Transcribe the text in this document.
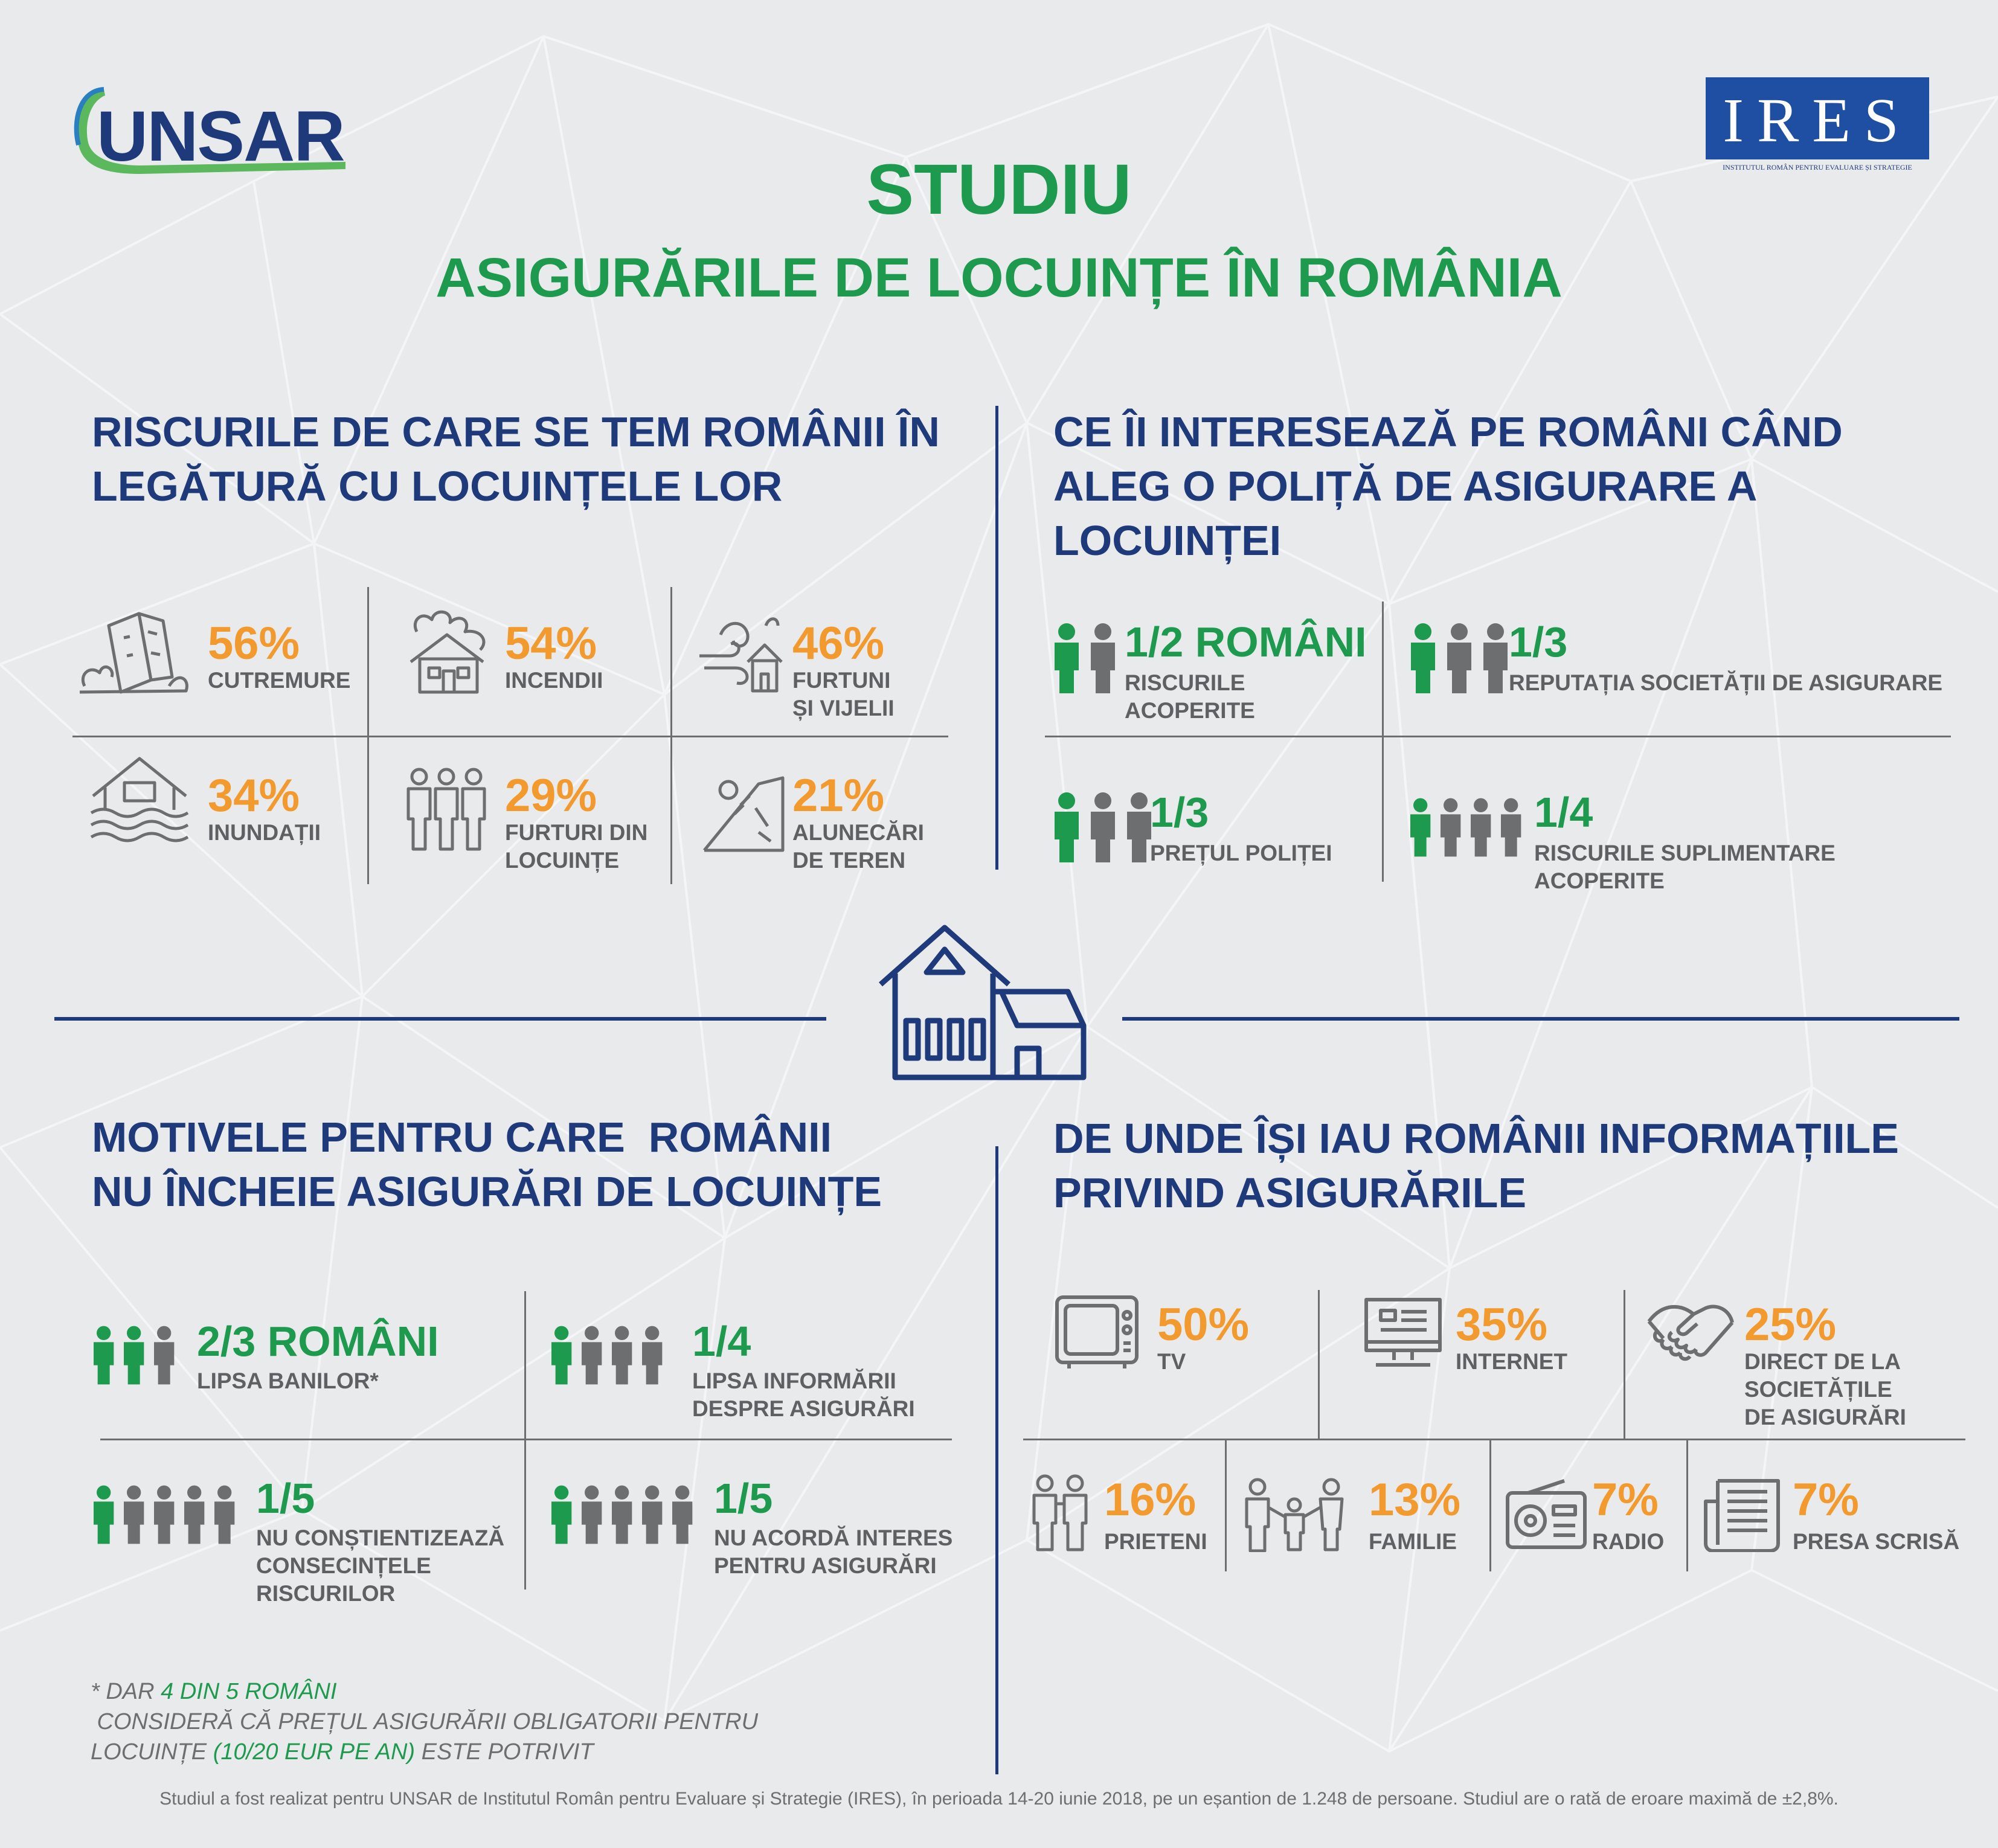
UNSAR	IRES
INSTITUTUL ROMÂN PENTRU EVALUARE ȘI STRATEGIE
STUDIU
ASIGURĂRILE DE LOCUINȚE ÎN ROMÂNIA
RISCURILE DE CARE SE TEM ROMÂNII ÎN
LEGĂTURĂ CU LOCUINȚELE LOR
56%
CUTREMURE
54%
INCENDII
46%
FURTUNI
ȘI VIJELII
34%
INUNDAȚII
29%
FURTURI DIN
LOCUINȚE
21%
ALUNECĂRI
DE TEREN
CE ÎI INTERESEAZĂ PE ROMÂNI CÂND
ALEG O POLIȚĂ DE ASIGURARE A
LOCUINȚEI
1/2 ROMÂNI
RISCURILE ACOPERITE
1/3
REPUTAȚIA SOCIETĂȚII DE ASIGURARE
1/3
PREȚUL POLIȚEI
1/4
RISCURILE SUPLIMENTARE ACOPERITE
MOTIVELE PENTRU CARE  ROMÂNII
NU ÎNCHEIE ASIGURĂRI DE LOCUINȚE
2/3 ROMÂNI
LIPSA BANILOR*
1/4
LIPSA INFORMĂRII
DESPRE ASIGURĂRI
1/5
NU CONȘTIENTIZEAZĂ
CONSECINȚELE
RISCURILOR
1/5
NU ACORDĂ INTERES
PENTRU ASIGURĂRI
* DAR 4 DIN 5 ROMÂNI CONSIDERĂ CĂ PREȚUL ASIGURĂRII OBLIGATORII PENTRU
LOCUINȚE (10/20 EUR PE AN) ESTE POTRIVIT
DE UNDE ÎȘI IAU ROMÂNII INFORMAȚIILE
PRIVIND ASIGURĂRILE
50%
TV
35%
INTERNET
25%
DIRECT DE LA
SOCIETĂȚILE
DE ASIGURĂRI
16%
PRIETENI
13%
FAMILIE
7%
RADIO
7%
PRESA SCRISĂ
Studiul a fost realizat pentru UNSAR de Institutul Român pentru Evaluare și Strategie (IRES), în perioada 14-20 iunie 2018, pe un eșantion de 1.248 de persoane. Studiul are o rată de eroare maximă de ±2,8%.
